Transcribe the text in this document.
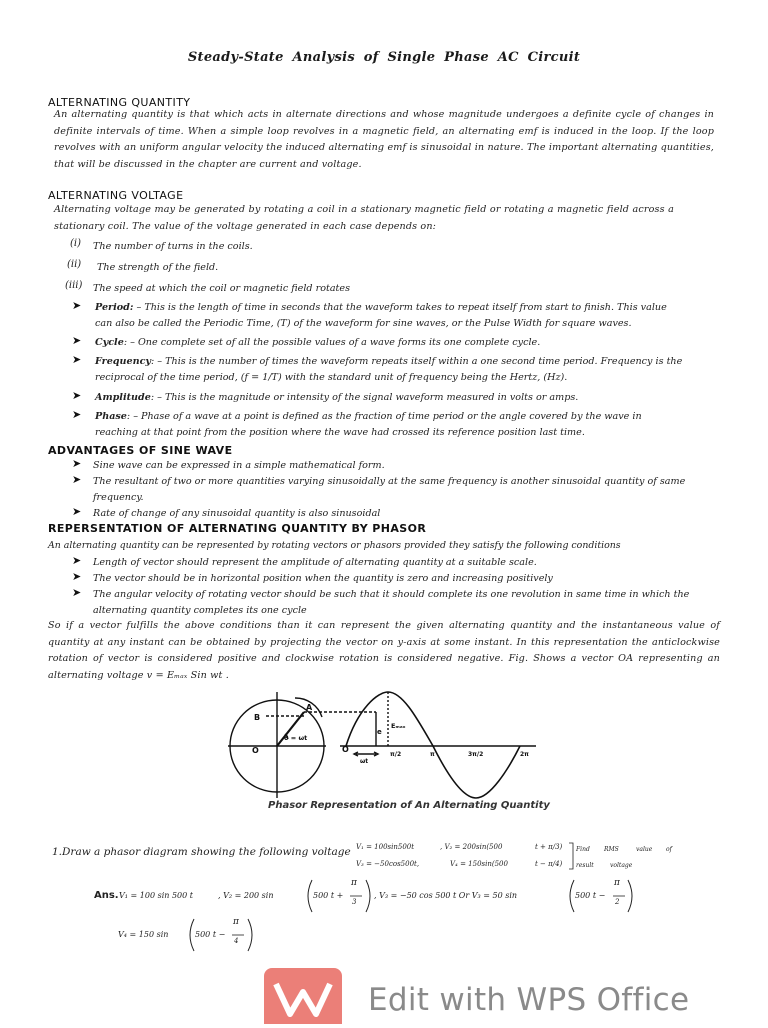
Steady-State Analysis of Single Phase AC Circuit
ALTERNATING QUANTITY
An alternating quantity is that which acts in alternate directions and whose magnitude undergoes a definite cycle of changes in definite intervals of time. When a simple loop revolves in a magnetic field, an alternating emf is induced in the loop. If the loop revolves with an uniform angular velocity the induced alternating emf is sinusoidal in nature. The important alternating quantities, that will be discussed in the chapter are current and voltage.
ALTERNATING VOLTAGE
Alternating voltage may be generated by rotating a coil in a stationary magnetic field or rotating a magnetic field across a stationary coil. The value of the voltage generated in each case depends on:
(i) The number of turns in the coils.
(ii) The strength of the field.
(iii) The speed at which the coil or magnetic field rotates
➤ Period: – This is the length of time in seconds that the waveform takes to repeat itself from start to finish. This value
can also be called the Periodic Time, (T) of the waveform for sine waves, or the Pulse Width for square waves.
➤ Cycle: – One complete set of all the possible values of a wave forms its one complete cycle.
➤ Frequency: – This is the number of times the waveform repeats itself within a one second time period. Frequency is the
reciprocal of the time period, (ƒ = 1/T) with the standard unit of frequency being the Hertz, (Hz).
➤ Amplitude: – This is the magnitude or intensity of the signal waveform measured in volts or amps.
➤ Phase: – Phase of a wave at a point is defined as the fraction of time period or the angle covered by the wave in
reaching at that point from the position where the wave had crossed its reference position last time.
ADVANTAGES OF SINE WAVE
➤ Sine wave can be expressed in a simple mathematical form.
➤ The resultant of two or more quantities varying sinusoidally at the same frequency is another sinusoidal quantity of same
frequency.
➤ Rate of change of any sinusoidal quantity is also sinusoidal
REPERSENTATION OF ALTERNATING QUANTITY BY PHASOR
An alternating quantity can be represented by rotating vectors or phasors provided they satisfy the following conditions
➤ Length of vector should represent the amplitude of alternating quantity at a suitable scale.
➤ The vector should be in horizontal position when the quantity is zero and increasing positively
➤ The angular velocity of rotating vector should be such that it should complete its one revolution in same time in which the
alternating quantity completes its one cycle
So if a vector fulfills the above conditions than it can represent the given alternating quantity and the instantaneous value of quantity at any instant can be obtained by projecting the vector on y-axis at some instant. In this representation the anticlockwise rotation of vector is considered positive and clockwise rotation is considered negative. Fig. Shows a vector OA representing an alternating voltage v = Eₘₐₓ Sin wt .
B
A
O
θ = ωt
O
e
Eₘₐₓ
ωt
π/2	π	3π/2	2π
Phasor Representation of An Alternating Quantity
1.Draw a phasor diagram showing the following voltage V₁ = 100sin500t	, V₂ = 200sin(500	t + π/3)
V₃ = −50cos500t,	V₄ = 150sin(500	t − π/4)
Find RMS	value of
result	voltage
Ans. V₁ = 100 sin 500 t	, V₂ = 200 sin	500 t +
π
3
, V₃ = −50 cos 500 t Or V₃ = 50 sin	500 t −
π
2
V₄ = 150 sin	500 t −
π
4
Edit with WPS Office
